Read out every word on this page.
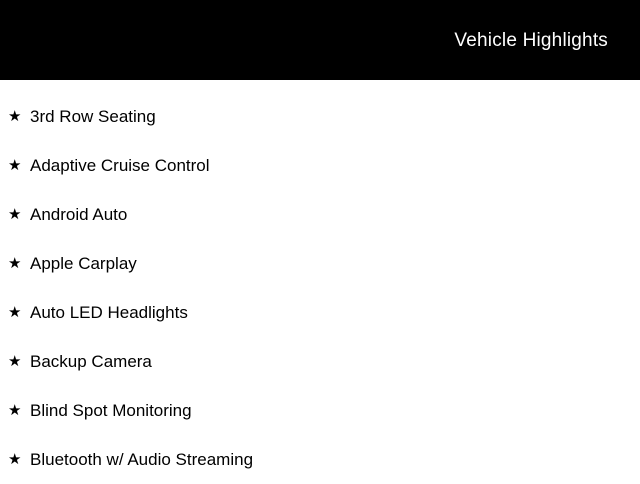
Vehicle Highlights
★ 3rd Row Seating
★ Adaptive Cruise Control
★ Android Auto
★ Apple Carplay
★ Auto LED Headlights
★ Backup Camera
★ Blind Spot Monitoring
★ Bluetooth w/ Audio Streaming
